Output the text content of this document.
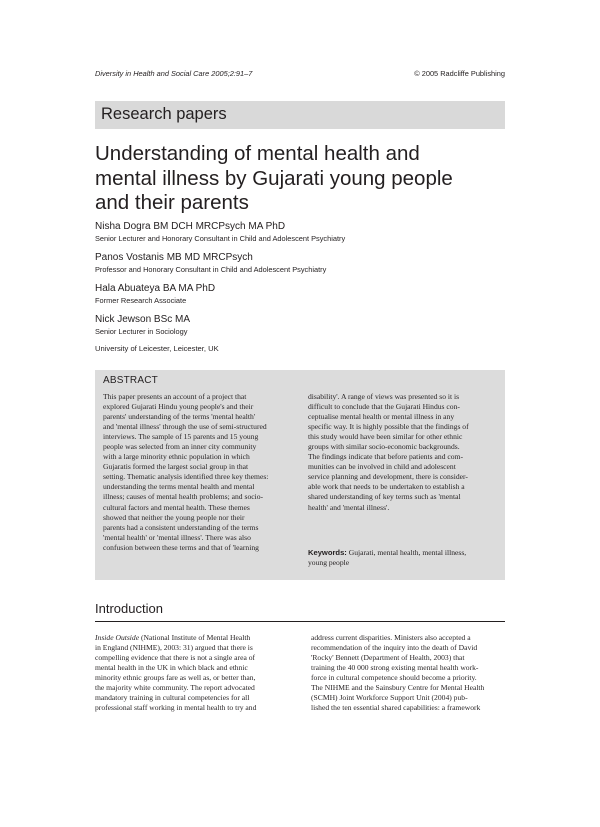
Diversity in Health and Social Care 2005;2:91–7	© 2005 Radcliffe Publishing
Research papers
Understanding of mental health and
mental illness by Gujarati young people
and their parents
Nisha Dogra BM DCH MRCPsych MA PhD
Senior Lecturer and Honorary Consultant in Child and Adolescent Psychiatry
Panos Vostanis MB MD MRCPsych
Professor and Honorary Consultant in Child and Adolescent Psychiatry
Hala Abuateya BA MA PhD
Former Research Associate
Nick Jewson BSc MA
Senior Lecturer in Sociology
University of Leicester, Leicester, UK
ABSTRACT
This paper presents an account of a project that
explored Gujarati Hindu young people's and their
parents' understanding of the terms 'mental health'
and 'mental illness' through the use of semi-structured
interviews. The sample of 15 parents and 15 young
people was selected from an inner city community
with a large minority ethnic population in which
Gujaratis formed the largest social group in that
setting. Thematic analysis identified three key themes:
understanding the terms mental health and mental
illness; causes of mental health problems; and socio-
cultural factors and mental health. These themes
showed that neither the young people nor their
parents had a consistent understanding of the terms
'mental health' or 'mental illness'. There was also
confusion between these terms and that of 'learning
disability'. A range of views was presented so it is
difficult to conclude that the Gujarati Hindus con-
ceptualise mental health or mental illness in any
specific way. It is highly possible that the findings of
this study would have been similar for other ethnic
groups with similar socio-economic backgrounds.
The findings indicate that before patients and com-
munities can be involved in child and adolescent
service planning and development, there is consider-
able work that needs to be undertaken to establish a
shared understanding of key terms such as 'mental
health' and 'mental illness'.
Keywords: Gujarati, mental health, mental illness,
young people
Introduction
Inside Outside (National Institute of Mental Health
in England (NIHME), 2003: 31) argued that there is
compelling evidence that there is not a single area of
mental health in the UK in which black and ethnic
minority ethnic groups fare as well as, or better than,
the majority white community. The report advocated
mandatory training in cultural competencies for all
professional staff working in mental health to try and
address current disparities. Ministers also accepted a
recommendation of the inquiry into the death of David
'Rocky' Bennett (Department of Health, 2003) that
training the 40 000 strong existing mental health work-
force in cultural competence should become a priority.
The NIHME and the Sainsbury Centre for Mental Health
(SCMH) Joint Workforce Support Unit (2004) pub-
lished the ten essential shared capabilities: a framework
